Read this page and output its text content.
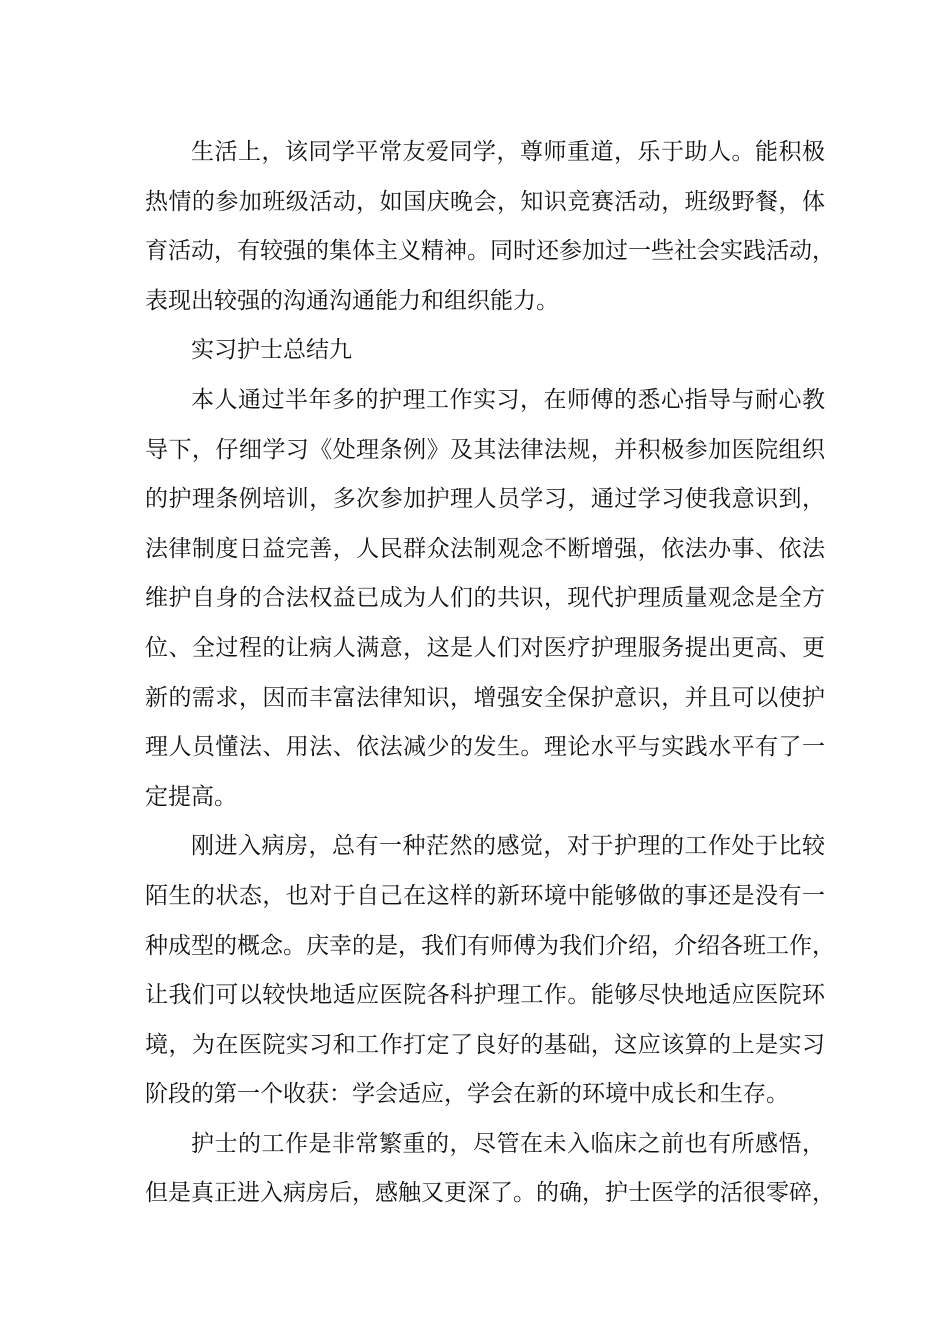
生活上，该同学平常友爱同学，尊师重道，乐于助人。能积极
热情的参加班级活动，如国庆晚会，知识竞赛活动，班级野餐，体
育活动，有较强的集体主义精神。同时还参加过一些社会实践活动，
表现出较强的沟通沟通能力和组织能力。
实习护士总结九
本人通过半年多的护理工作实习，在师傅的悉心指导与耐心教
导下，仔细学习《处理条例》及其法律法规，并积极参加医院组织
的护理条例培训，多次参加护理人员学习，通过学习使我意识到，
法律制度日益完善，人民群众法制观念不断增强，依法办事、依法
维护自身的合法权益已成为人们的共识，现代护理质量观念是全方
位、全过程的让病人满意，这是人们对医疗护理服务提出更高、更
新的需求，因而丰富法律知识，增强安全保护意识，并且可以使护
理人员懂法、用法、依法减少的发生。理论水平与实践水平有了一
定提高。
刚进入病房，总有一种茫然的感觉，对于护理的工作处于比较
陌生的状态，也对于自己在这样的新环境中能够做的事还是没有一
种成型的概念。庆幸的是，我们有师傅为我们介绍，介绍各班工作，
让我们可以较快地适应医院各科护理工作。能够尽快地适应医院环
境，为在医院实习和工作打定了良好的基础，这应该算的上是实习
阶段的第一个收获：学会适应，学会在新的环境中成长和生存。
护士的工作是非常繁重的，尽管在未入临床之前也有所感悟，
但是真正进入病房后，感触又更深了。的确，护士医学的活很零碎，
